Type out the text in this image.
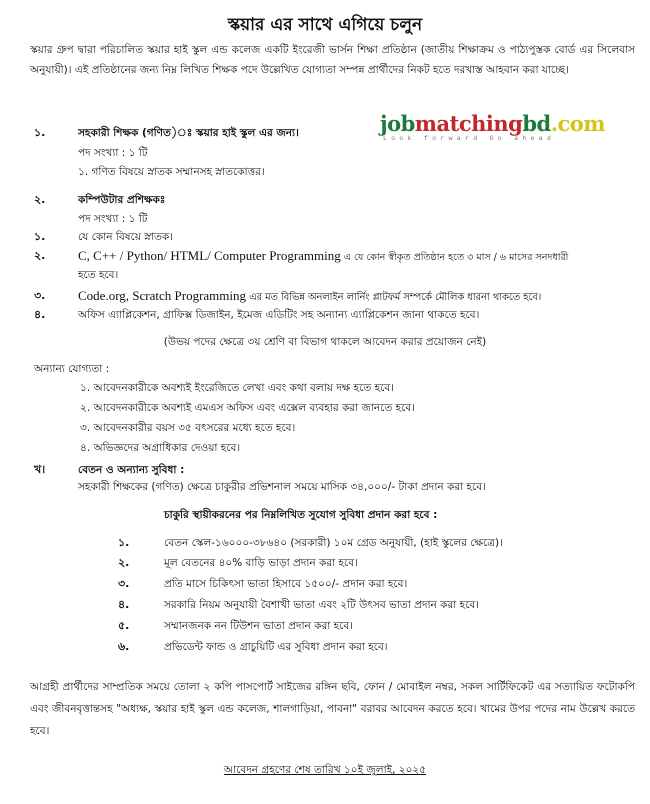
স্কয়ার এর সাথে এগিয়ে চলুন
স্কয়ার গ্রুপ দ্বারা পরিচালিত স্কয়ার হাই স্কুল এন্ড কলেজ একটি ইংরেজী ভার্সন শিক্ষা প্রতিষ্ঠান (জাতীয় শিক্ষাক্রম ও পাঠ্যপুস্তক বোর্ড এর সিলেবাস অনুযায়ী)। এই প্রতিষ্ঠানের জন্য নিম্ন লিখিত শিক্ষক পদে উল্লেখিত যোগ্যতা সম্পন্ন প্রার্থীদের নিকট হতে দরখাস্ত আহবান করা যাচ্ছে।
jobmatchingbd.com
Look forward Go ahead
১.	সহকারী শিক্ষক (গণিত)ঃ স্কয়ার হাই স্কুল এর জন্য।
পদ সংখ্যা : ১ টি
১. গণিত বিষয়ে স্নাতক সম্মানসহ স্নাতকোত্তর।
২.	কম্পিউটার প্রশিক্ষকঃ
পদ সংখ্যা : ১ টি
১.	যে কোন বিষয়ে স্নাতক।
২.	C, C++ / Python/ HTML/ Computer Programming এ যে কোন স্বীকৃত প্রতিষ্ঠান হতে ৩ মাস / ৬ মাসের সনদধারী
হতে হবে।
৩.	Code.org, Scratch Programming এর মত বিভিন্ন অনলাইন লার্নিং প্লাটফর্ম সম্পর্কে মৌলিক ধারনা থাকতে হবে।
৪.	অফিস এ্যাপ্লিকেশন, গ্রাফিক্স ডিজাইন, ইমেজ এডিটিং সহ অন্যান্য এ্যাপ্লিকেশন জানা থাকতে হবে।
(উভয় পদের ক্ষেত্রে ৩য় শ্রেণি বা বিভাগ থাকলে আবেদন করার প্রয়োজন নেই)
অন্যান্য যোগ্যতা :
১. আবেদনকারীকে অবশ্যই ইংরেজিতে লেখা এবং কথা বলায় দক্ষ হতে হবে।
২. আবেদনকারীকে অবশ্যই এমএস অফিস এবং এক্সেল ব্যবহার করা জানতে হবে।
৩. আবেদনকারীর বয়স ৩৫ বৎসরের মধ্যে হতে হবে।
৪. অভিজ্ঞদের অগ্রাধিকার দেওয়া হবে।
খ।	বেতন ও অন্যান্য সুবিধা :
সহকারী শিক্ষকের (গণিত) ক্ষেত্রে চাকুরীর প্রভিশনাল সময়ে মাসিক ৩৪,০০০/- টাকা প্রদান করা হবে।
চাকুরি স্থায়ীকরনের পর নিম্নলিখিত সুযোগ সুবিধা প্রদান করা হবে :
১.	বেতন স্কেল-১৬০০০-৩৮৬৪০ (সরকারী) ১০ম গ্রেড অনুযায়ী, (হাই স্কুলের ক্ষেত্রে)।
২.	মূল বেতনের ৪০% বাড়ি ভাড়া প্রদান করা হবে।
৩.	প্রতি মাসে চিকিৎসা ভাতা হিসাবে ১৫০০/- প্রদান করা হবে।
৪.	সরকারি নিয়ম অনুযায়ী বৈশাখী ভাতা এবং ২টি উৎসব ভাতা প্রদান করা হবে।
৫.	সম্মানজনক নন টিউশন ভাতা প্রদান করা হবে।
৬.	প্রভিডেন্ট ফান্ড ও গ্রাচুয়িটি এর সুবিধা প্রদান করা হবে।
আগ্রহী প্রার্থীদের সাম্প্রতিক সময়ে তোলা ২ কপি পাসপোর্ট সাইজের রঙ্গিন ছবি, ফোন / মোবাইল নম্বর, সকল সার্টিফিকেট এর সত্যায়িত ফটোকপি এবং জীবনবৃত্তান্তসহ "অধ্যক্ষ, স্কয়ার হাই স্কুল এন্ড কলেজ, শালগাড়িয়া, পাবনা" বরাবর আবেদন করতে হবে। খামের উপর পদের নাম উল্লেখ করতে হবে।
আবেদন গ্রহণের শেষ তারিখ ১০ই জুলাই, ২০২৫
